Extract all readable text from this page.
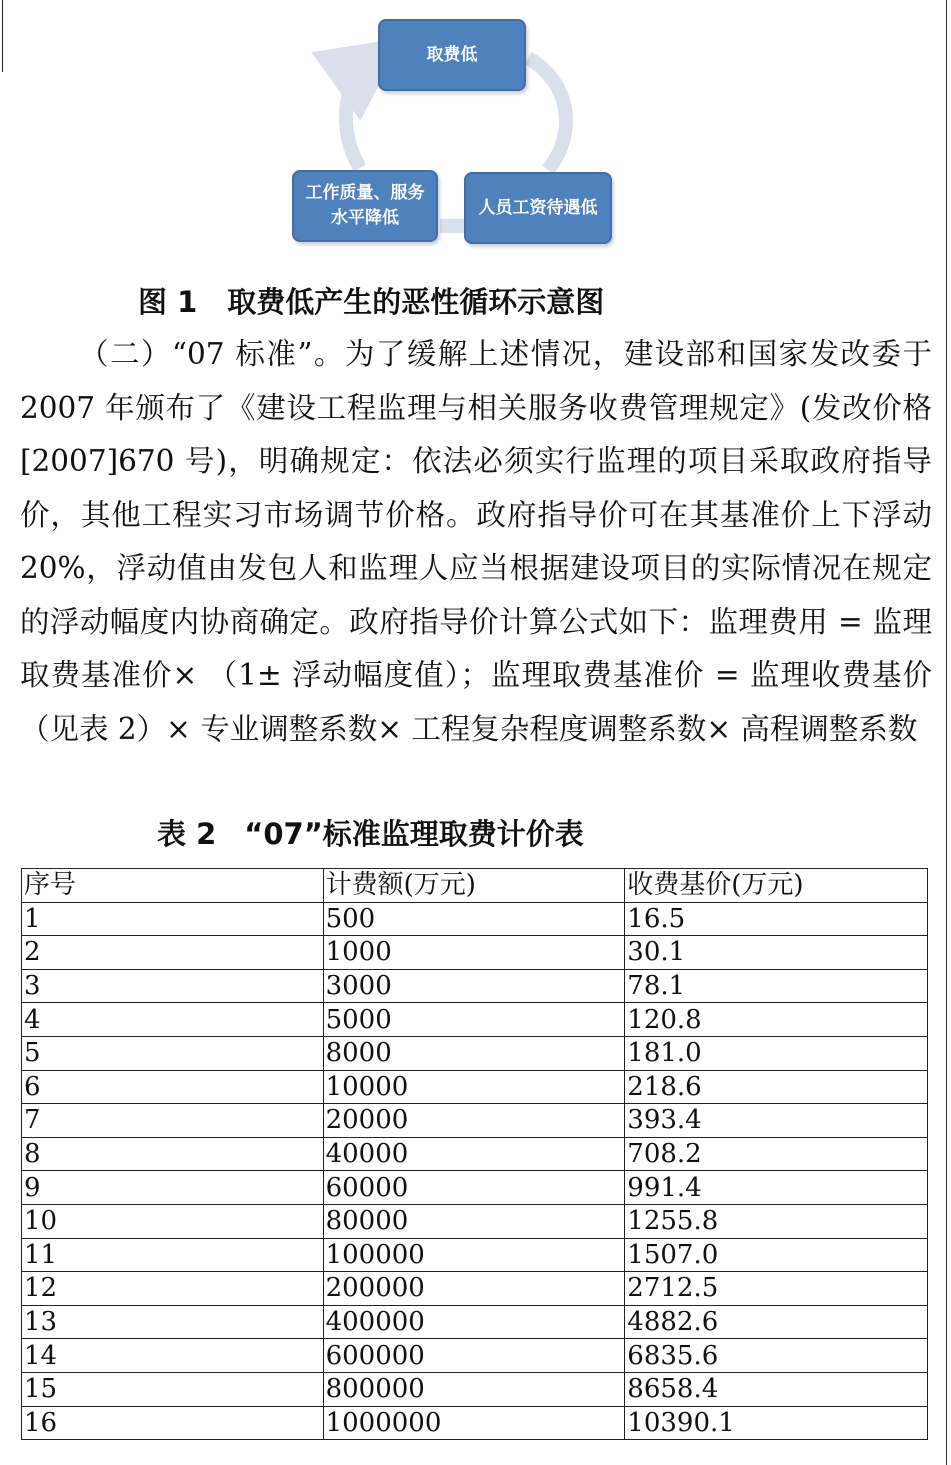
取费低
工作质量、服务
水平降低
人员工资待遇低
图 1 取费低产生的恶性循环示意图

（二）“07 标准”。为了缓解上述情况，建设部和国家发改委于 2007 年颁布了《建设工程监理与相关服务收费管理规定》(发改价格[2007]670 号)，明确规定：依法必须实行监理的项目采取政府指导价，其他工程实习市场调节价格。政府指导价可在其基准价上下浮动 20%，浮动值由发包人和监理人应当根据建设项目的实际情况在规定的浮动幅度内协商确定。政府指导价计算公式如下：监理费用 = 监理取费基准价× （1± 浮动幅度值）；监理取费基准价 = 监理收费基价 （见表 2）× 专业调整系数× 工程复杂程度调整系数× 高程调整系数

表 2 “07”标准监理取费计价表
序号	计费额(万元)	收费基价(万元)
1	500	16.5
2	1000	30.1
3	3000	78.1
4	5000	120.8
5	8000	181.0
6	10000	218.6
7	20000	393.4
8	40000	708.2
9	60000	991.4
10	80000	1255.8
11	100000	1507.0
12	200000	2712.5
13	400000	4882.6
14	600000	6835.6
15	800000	8658.4
16	1000000	10390.1
